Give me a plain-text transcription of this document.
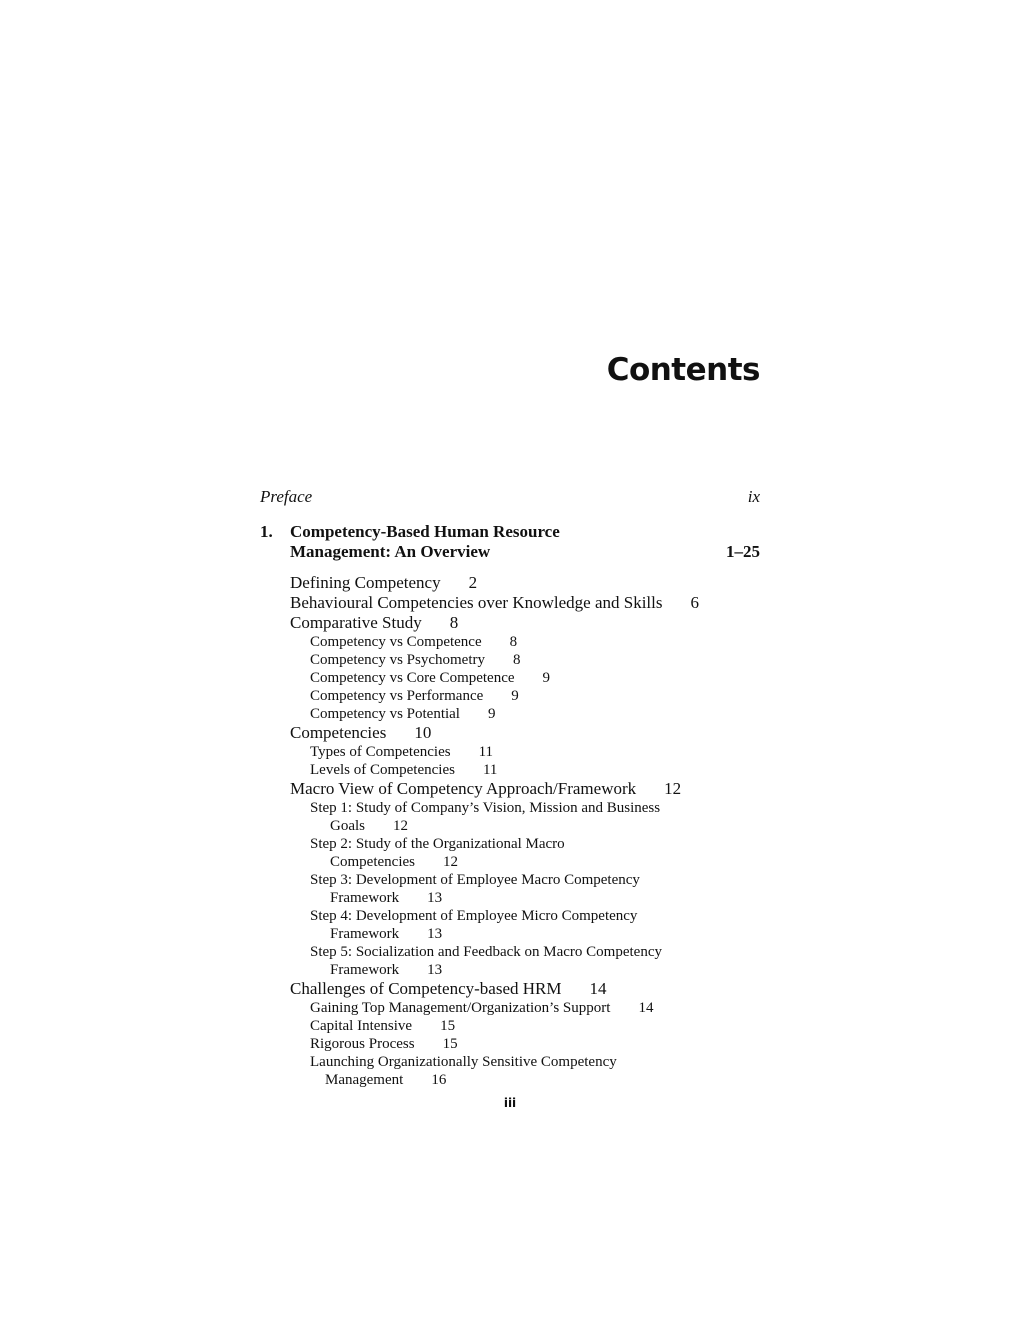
Contents
Preface	ix
1. Competency-Based Human Resource
Management: An Overview	1–25
Defining Competency 2
Behavioural Competencies over Knowledge and Skills 6
Comparative Study 8
Competency vs Competence 8
Competency vs Psychometry 8
Competency vs Core Competence 9
Competency vs Performance 9
Competency vs Potential 9
Competencies 10
Types of Competencies 11
Levels of Competencies 11
Macro View of Competency Approach/Framework 12
Step 1: Study of Company’s Vision, Mission and Business
Goals 12
Step 2: Study of the Organizational Macro
Competencies 12
Step 3: Development of Employee Macro Competency
Framework 13
Step 4: Development of Employee Micro Competency
Framework 13
Step 5: Socialization and Feedback on Macro Competency
Framework 13
Challenges of Competency-based HRM 14
Gaining Top Management/Organization’s Support 14
Capital Intensive 15
Rigorous Process 15
Launching Organizationally Sensitive Competency
Management 16
iii
